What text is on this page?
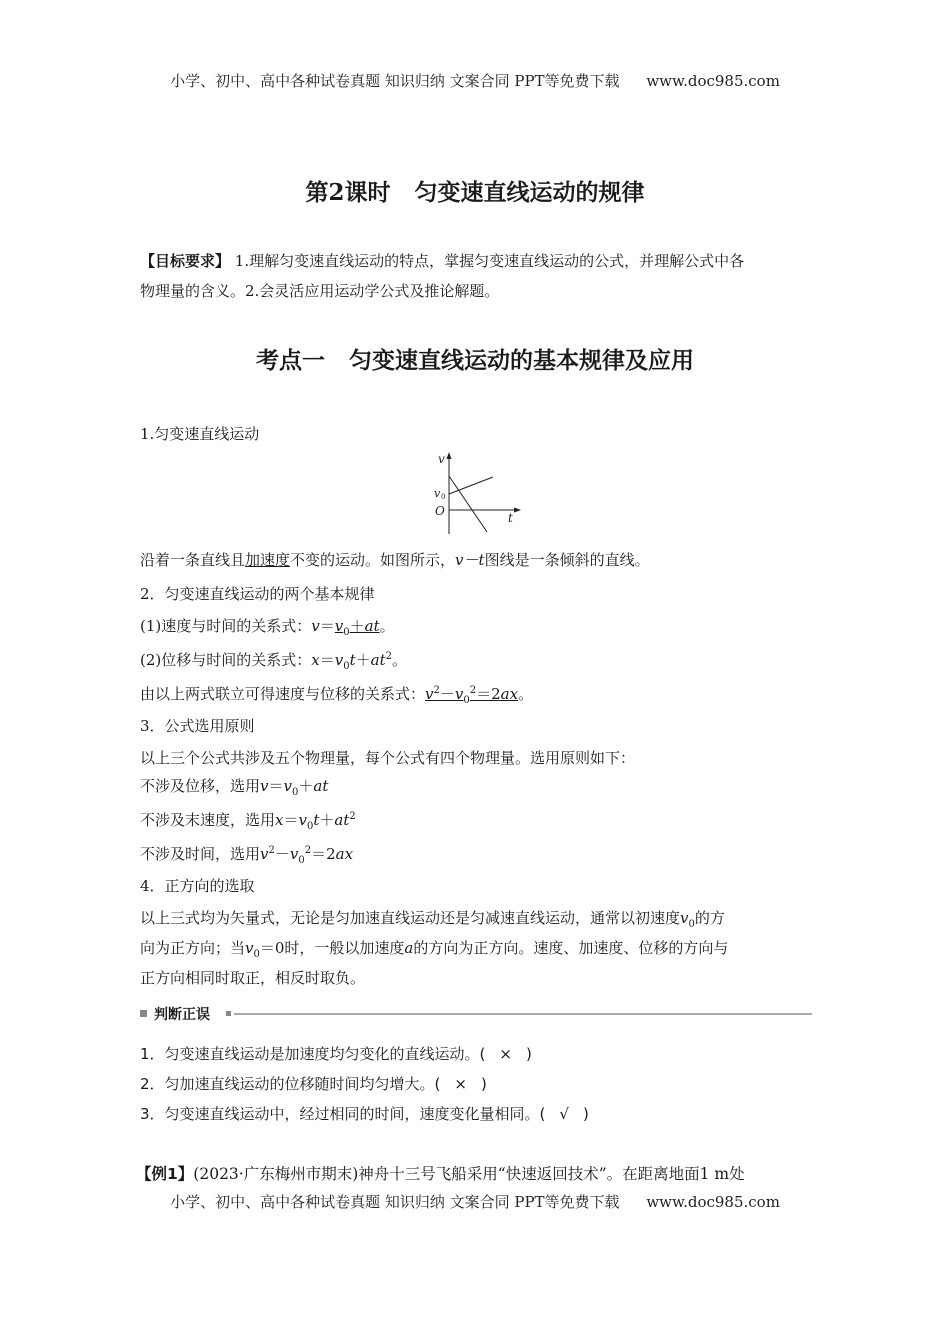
小学、初中、高中各种试卷真题 知识归纳 文案合同 PPT等免费下载 www.doc985.com
第2课时 匀变速直线运动的规律

【目标要求】 1.理解匀变速直线运动的特点，掌握匀变速直线运动的公式，并理解公式中各

物理量的含义。2.会灵活应用运动学公式及推论解题。

考点一 匀变速直线运动的基本规律及应用
1.匀变速直线运动
v
v 0
O	t
沿着一条直线且加速度不变的运动。如图所示，v－t图线是一条倾斜的直线。
2．匀变速直线运动的两个基本规律
(1)速度与时间的关系式：$v=v_0+at$。
(2)位移与时间的关系式：$x=v_0t+at^2$。
由以上两式联立可得速度与位移的关系式：$v^2-v_0^2=2ax$。
3．公式选用原则
以上三个公式共涉及五个物理量，每个公式有四个物理量。选用原则如下：
不涉及位移，选用$v=v_0+at$
不涉及末速度，选用$x=v_0t+at^2$
不涉及时间，选用$v^2-v_0^2=2ax$
4．正方向的选取

以上三式均为矢量式，无论是匀加速直线运动还是匀减速直线运动，通常以初速度$v_0$的方

向为正方向；当$v_0=0$时，一般以加速度a的方向为正方向。速度、加速度、位移的方向与

正方向相同时取正，相反时取负。

判断正误
1．匀变速直线运动是加速度均匀变化的直线运动。( × )
2．匀加速直线运动的位移随时间均匀增大。( × )
3．匀变速直线运动中，经过相同的时间，速度变化量相同。( √ )
【例1】(2023·广东梅州市期末)神舟十三号飞船采用“快速返回技术”。在距离地面1 m处
小学、初中、高中各种试卷真题 知识归纳 文案合同 PPT等免费下载 www.doc985.com
